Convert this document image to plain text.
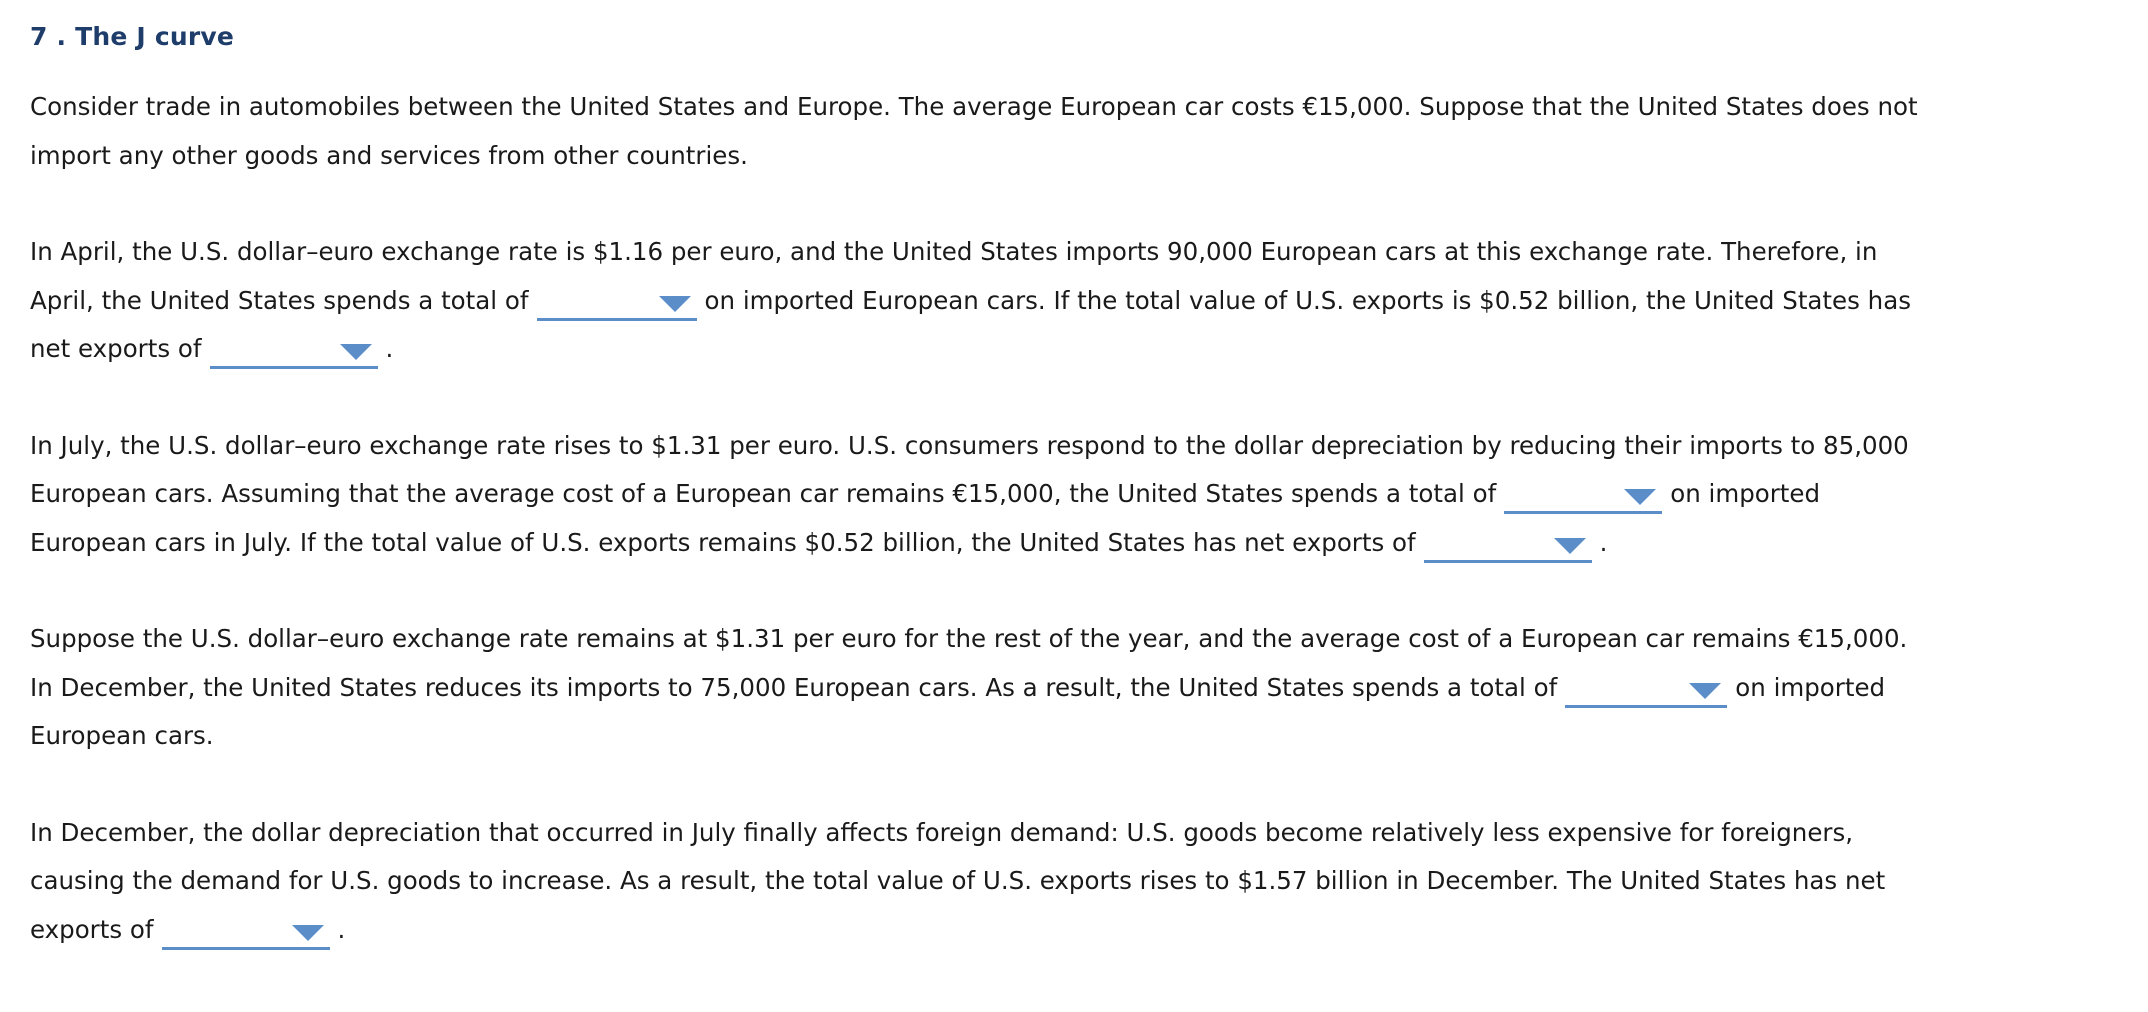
7 . The J curve

Consider trade in automobiles between the United States and Europe. The average European car costs €15,000. Suppose that the United States does not import any other goods and services from other countries.

In April, the U.S. dollar–euro exchange rate is $1.16 per euro, and the United States imports 90,000 European cars at this exchange rate. Therefore, in April, the United States spends a total of	on imported European cars. If the total value of U.S. exports is $0.52 billion, the United States has net exports of	.

In July, the U.S. dollar–euro exchange rate rises to $1.31 per euro. U.S. consumers respond to the dollar depreciation by reducing their imports to 85,000 European cars. Assuming that the average cost of a European car remains €15,000, the United States spends a total of	on imported European cars in July. If the total value of U.S. exports remains $0.52 billion, the United States has net exports of	.

Suppose the U.S. dollar–euro exchange rate remains at $1.31 per euro for the rest of the year, and the average cost of a European car remains €15,000. In December, the United States reduces its imports to 75,000 European cars. As a result, the United States spends a total of	on imported European cars.

In December, the dollar depreciation that occurred in July finally affects foreign demand: U.S. goods become relatively less expensive for foreigners, causing the demand for U.S. goods to increase. As a result, the total value of U.S. exports rises to $1.57 billion in December. The United States has net exports of	.
